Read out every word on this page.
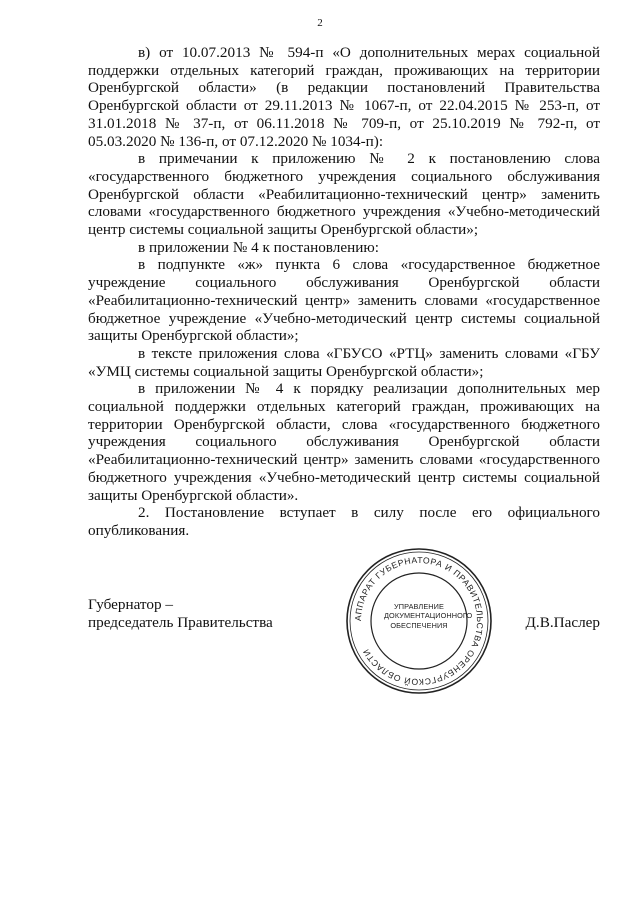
2

в) от 10.07.2013 № 594-п «О дополнительных мерах социальной поддержки отдельных категорий граждан, проживающих на территории Оренбургской области» (в редакции постановлений Правительства Оренбургской области от 29.11.2013 № 1067-п, от 22.04.2015 № 253-п, от 31.01.2018 № 37-п, от 06.11.2018 № 709-п, от 25.10.2019 № 792-п, от 05.03.2020 № 136-п, от 07.12.2020 № 1034-п):

в примечании к приложению № 2 к постановлению слова «государственного бюджетного учреждения социального обслуживания Оренбургской области «Реабилитационно-технический центр» заменить словами «государственного бюджетного учреждения «Учебно-методический центр системы социальной защиты Оренбургской области»;

в приложении № 4 к постановлению:

в подпункте «ж» пункта 6 слова «государственное бюджетное учреждение социального обслуживания Оренбургской области «Реабилитационно-технический центр» заменить словами «государственное бюджетное учреждение «Учебно-методический центр системы социальной защиты Оренбургской области»;

в тексте приложения слова «ГБУСО «РТЦ» заменить словами «ГБУ «УМЦ системы социальной защиты Оренбургской области»;

в приложении № 4 к порядку реализации дополнительных мер социальной поддержки отдельных категорий граждан, проживающих на территории Оренбургской области, слова «государственного бюджетного учреждения социального обслуживания Оренбургской области «Реабилитационно-технический центр» заменить словами «государственного бюджетного учреждения «Учебно-методический центр системы социальной защиты Оренбургской области».

2. Постановление вступает в силу после его официального опубликования.

Губернатор –
председатель Правительства	АППАРАТ ГУБЕРНАТОРА И ПРАВИТЕЛЬСТВА ОРЕНБУРГСКОЙ ОБЛАСТИ
УПРАВЛЕНИЕ
ДОКУМЕНТАЦИОННОГО
ОБЕСПЕЧЕНИЯ	Д.В.Паслер
